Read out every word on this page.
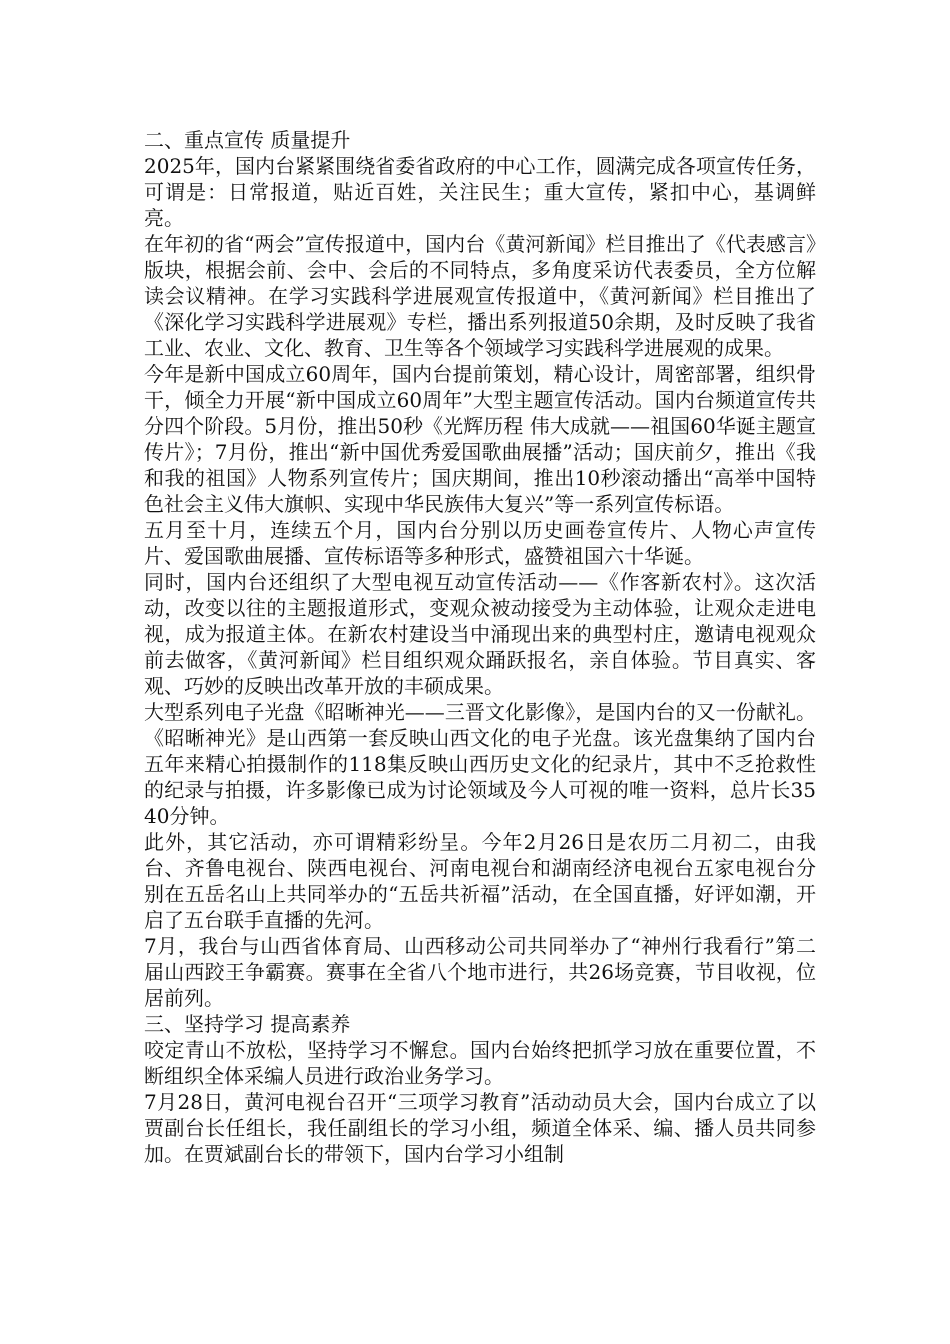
二、重点宣传 质量提升

2025年，国内台紧紧围绕省委省政府的中心工作，圆满完成各项宣传任务，可谓是：日常报道，贴近百姓，关注民生；重大宣传，紧扣中心，基调鲜亮。

在年初的省“两会”宣传报道中，国内台《黄河新闻》栏目推出了《代表感言》版块，根据会前、会中、会后的不同特点，多角度采访代表委员，全方位解读会议精神。在学习实践科学进展观宣传报道中，《黄河新闻》栏目推出了《深化学习实践科学进展观》专栏，播出系列报道50余期，及时反映了我省工业、农业、文化、教育、卫生等各个领域学习实践科学进展观的成果。

今年是新中国成立60周年，国内台提前策划，精心设计，周密部署，组织骨干，倾全力开展“新中国成立60周年”大型主题宣传活动。国内台频道宣传共分四个阶段。5月份，推出50秒《光辉历程 伟大成就——祖国60华诞主题宣传片》；7月份，推出“新中国优秀爱国歌曲展播”活动；国庆前夕，推出《我和我的祖国》人物系列宣传片；国庆期间，推出10秒滚动播出“高举中国特色社会主义伟大旗帜、实现中华民族伟大复兴”等一系列宣传标语。

五月至十月，连续五个月，国内台分别以历史画卷宣传片、人物心声宣传片、爱国歌曲展播、宣传标语等多种形式，盛赞祖国六十华诞。

同时，国内台还组织了大型电视互动宣传活动——《作客新农村》。这次活动，改变以往的主题报道形式，变观众被动接受为主动体验，让观众走进电视，成为报道主体。在新农村建设当中涌现出来的典型村庄，邀请电视观众前去做客，《黄河新闻》栏目组织观众踊跃报名，亲自体验。节目真实、客观、巧妙的反映出改革开放的丰硕成果。

大型系列电子光盘《昭晰神光——三晋文化影像》，是国内台的又一份献礼。《昭晰神光》是山西第一套反映山西文化的电子光盘。该光盘集纳了国内台五年来精心拍摄制作的118集反映山西历史文化的纪录片，其中不乏抢救性的纪录与拍摄，许多影像已成为讨论领域及今人可视的唯一资料，总片长3540分钟。

此外，其它活动，亦可谓精彩纷呈。今年2月26日是农历二月初二，由我台、齐鲁电视台、陕西电视台、河南电视台和湖南经济电视台五家电视台分别在五岳名山上共同举办的“五岳共祈福”活动，在全国直播，好评如潮，开启了五台联手直播的先河。

7月，我台与山西省体育局、山西移动公司共同举办了“神州行我看行”第二届山西跤王争霸赛。赛事在全省八个地市进行，共26场竞赛，节目收视，位居前列。

三、坚持学习 提高素养

咬定青山不放松，坚持学习不懈怠。国内台始终把抓学习放在重要位置，不断组织全体采编人员进行政治业务学习。

7月28日，黄河电视台召开“三项学习教育”活动动员大会，国内台成立了以贾副台长任组长，我任副组长的学习小组，频道全体采、编、播人员共同参加。在贾斌副台长的带领下，国内台学习小组制
